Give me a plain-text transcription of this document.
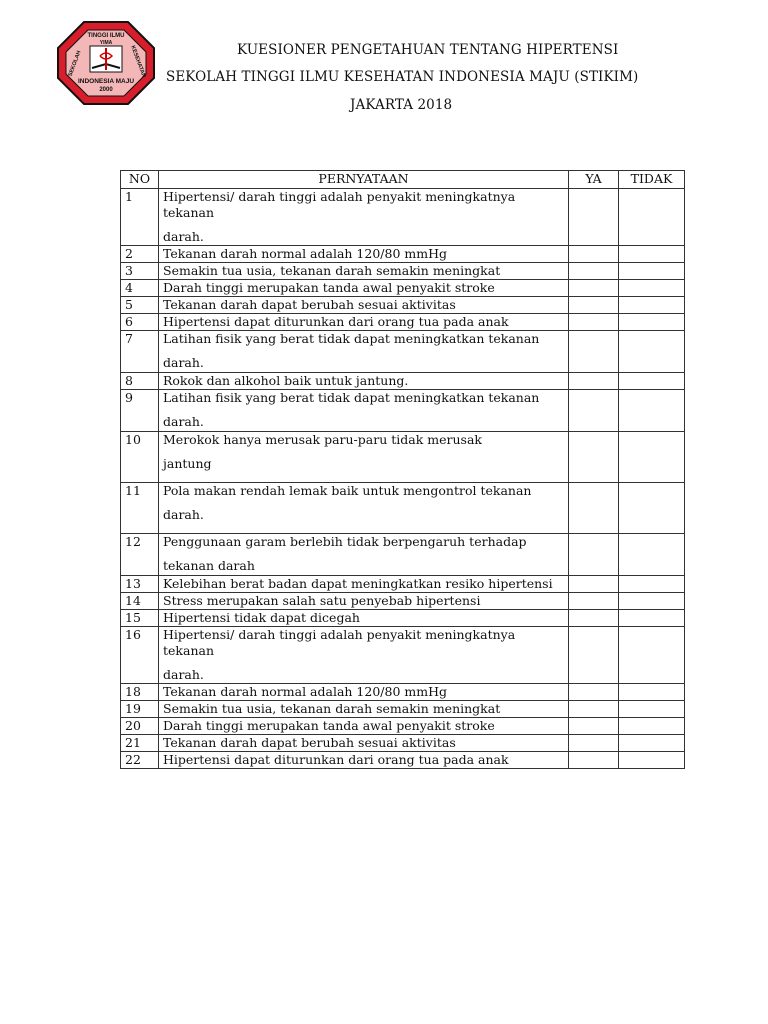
TINGGI ILMU
YIMA
SEKOLAH	KESEHATAN
INDONESIA MAJU
2000
KUESIONER PENGETAHUAN TENTANG HIPERTENSI
SEKOLAH TINGGI ILMU KESEHATAN INDONESIA MAJU (STIKIM)
JAKARTA 2018
NO	PERNYATAAN	YA	TIDAK
1	Hipertensi/ darah tinggi adalah penyakit meningkatnya tekanan
darah.		

2	Tekanan darah normal adalah 120/80 mmHg		
3	Semakin tua usia, tekanan darah semakin meningkat		
4	Darah tinggi merupakan tanda awal penyakit stroke		
5	Tekanan darah dapat berubah sesuai aktivitas		
6	Hipertensi dapat diturunkan dari orang tua pada anak		
7	Latihan fisik yang berat tidak dapat meningkatkan tekanan
darah.		

8	Rokok dan alkohol baik untuk jantung.		
9	Latihan fisik yang berat tidak dapat meningkatkan tekanan
darah.		

10	Merokok hanya merusak paru-paru tidak merusak
jantung		

11	Pola makan rendah lemak baik untuk mengontrol tekanan
darah.		

12	Penggunaan garam berlebih tidak berpengaruh terhadap
tekanan darah		

13	Kelebihan berat badan dapat meningkatkan resiko hipertensi		
14	Stress merupakan salah satu penyebab hipertensi		
15	Hipertensi tidak dapat dicegah		
16	Hipertensi/ darah tinggi adalah penyakit meningkatnya tekanan
darah.		

18	Tekanan darah normal adalah 120/80 mmHg		
19	Semakin tua usia, tekanan darah semakin meningkat		
20	Darah tinggi merupakan tanda awal penyakit stroke		
21	Tekanan darah dapat berubah sesuai aktivitas		
22	Hipertensi dapat diturunkan dari orang tua pada anak		
